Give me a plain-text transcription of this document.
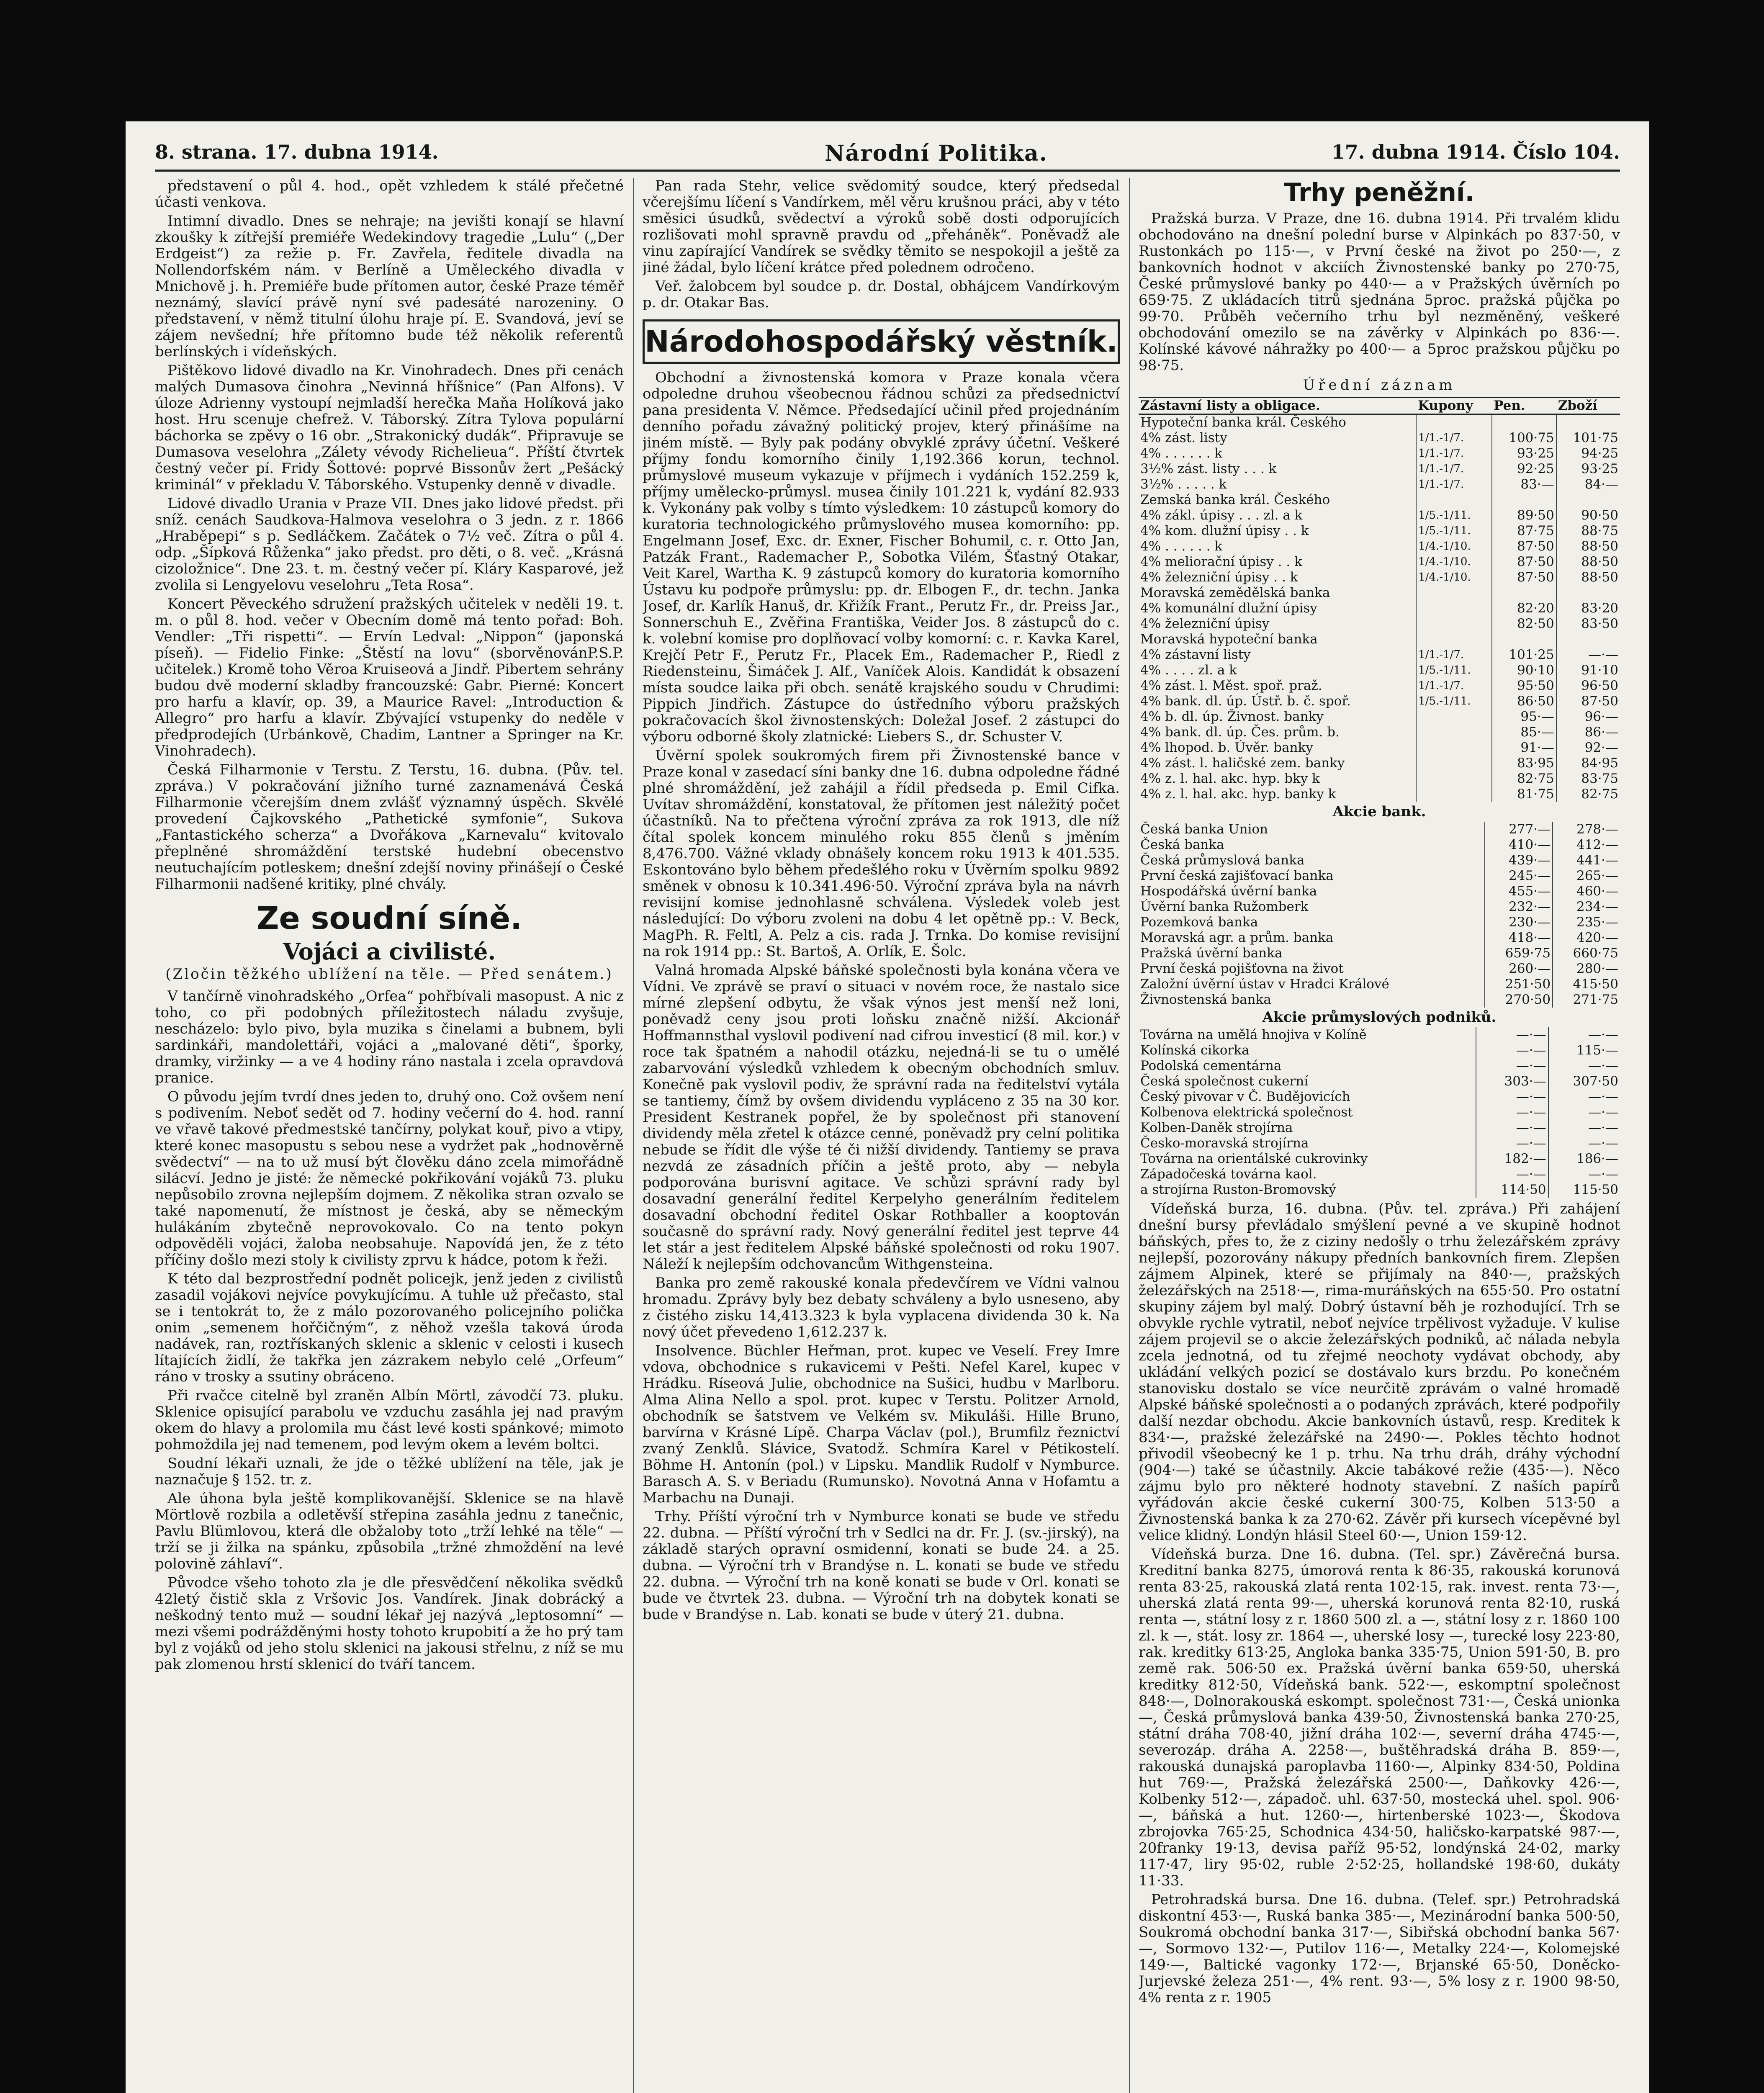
8. strana. 17. dubna 1914.	Národní Politika.	17. dubna 1914. Číslo 104.

představení o půl 4. hod., opět vzhledem k stálé přečetné účasti venkova.

Intimní divadlo. Dnes se nehraje; na jevišti konají se hlavní zkoušky k zítřejší premiéře Wedekindovy tragedie „Lulu“ („Der Erdgeist“) za režie p. Fr. Zavřela, ředitele divadla na Nollendorfském nám. v Berlíně a Uměleckého divadla v Mnichově j. h. Premiéře bude přítomen autor, české Praze téměř neznámý, slavící právě nyní své padesáté narozeniny. O představení, v němž titulní úlohu hraje pí. E. Svandová, jeví se zájem nevšední; hře přítomno bude též několik referentů berlínských i vídeňských.

Pištěkovo lidové divadlo na Kr. Vinohradech. Dnes při cenách malých Dumasova činohra „Nevinná hříšnice“ (Pan Alfons). V úloze Adrienny vystoupí nejmladší herečka Maňa Holíková jako host. Hru scenuje chefrež. V. Táborský. Zítra Tylova populární báchorka se zpěvy o 16 obr. „Strakonický dudák“. Připravuje se Dumasova veselohra „Zálety vévody Richelieua“. Příští čtvrtek čestný večer pí. Fridy Šottové: poprvé Bissonův žert „Pešácký kriminál“ v překladu V. Táborského. Vstupenky denně v divadle.

Lidové divadlo Urania v Praze VII. Dnes jako lidové předst. při sníž. cenách Saudkova-Halmova veselohra o 3 jedn. z r. 1866 „Hraběpepi“ s p. Sedláčkem. Začátek o 7½ več. Zítra o půl 4. odp. „Šípková Růženka“ jako předst. pro děti, o 8. več. „Krásná cizoložnice“. Dne 23. t. m. čestný večer pí. Kláry Kasparové, jež zvolila si Lengyelovu veselohru „Teta Rosa“.

Koncert Pěveckého sdružení pražských učitelek v neděli 19. t. m. o půl 8. hod. večer v Obecním domě má tento pořad: Boh. Vendler: „Tři rispetti“. — Ervín Ledval: „Nippon“ (japonská píseň). — Fidelio Finke: „Štěstí na lovu“ (sborvěnovánP.S.P. učitelek.) Kromě toho Věroa Kruiseová a Jindř. Pibertem sehrány budou dvě moderní skladby francouzské: Gabr. Pierné: Koncert pro harfu a klavír, op. 39, a Maurice Ravel: „Introduction & Allegro“ pro harfu a klavír. Zbývající vstupenky do neděle v předprodejích (Urbánkově, Chadim, Lantner a Springer na Kr. Vinohradech).

Česká Filharmonie v Terstu. Z Terstu, 16. dubna. (Pův. tel. zpráva.) V pokračování jižního turné zaznamenává Česká Filharmonie včerejším dnem zvlášť významný úspěch. Skvělé provedení Čajkovského „Pathetické symfonie“, Sukova „Fantastického scherza“ a Dvořákova „Karnevalu“ kvitovalo přeplněné shromáždění terstské hudební obecenstvo neutuchajícím potleskem; dnešní zdejší noviny přinášejí o České Filharmonii nadšené kritiky, plné chvály.

Ze soudní síně.
Vojáci a civilisté.
(Zločin těžkého ublížení na těle. — Před senátem.)

V tančírně vinohradského „Orfea“ pohřbívali masopust. A nic z toho, co při podobných příležitostech náladu zvyšuje, nescházelo: bylo pivo, byla muzika s činelami a bubnem, byli sardinkáři, mandolettáři, vojáci a „malované děti“, šporky, dramky, viržinky — a ve 4 hodiny ráno nastala i zcela opravdová pranice.

O původu jejím tvrdí dnes jeden to, druhý ono. Což ovšem není s podivením. Neboť sedět od 7. hodiny večerní do 4. hod. ranní ve vřavě takové předmestské tančírny, polykat kouř, pivo a vtipy, které konec masopustu s sebou nese a vydržet pak „hodnověrně svědectví“ — na to už musí být člověku dáno zcela mimořádně silácví. Jedno je jisté: že německé pokřikování vojáků 73. pluku nepůsobilo zrovna nejlepším dojmem. Z několika stran ozvalo se také napomenutí, že místnost je česká, aby se německým hulákáním zbytečně neprovokovalo. Co na tento pokyn odpověděli vojáci, žaloba neobsahuje. Napovídá jen, že z této příčiny došlo mezi stoly k civilisty zprvu k hádce, potom k řeži.

K této dal bezprostřední podnět policejk, jenž jeden z civilistů zasadil vojákovi nejvíce povykujícímu. A tuhle už přečasto, stal se i tentokrát to, že z málo pozorovaného policejního polička onim „semenem hořčičným“, z něhož vzešla taková úroda nadávek, ran, roztřískaných sklenic a sklenic v celosti i kusech lítajících židlí, že takřka jen zázrakem nebylo celé „Orfeum“ ráno v trosky a ssutiny obráceno.

Při rvačce citelně byl zraněn Albín Mörtl, závodčí 73. pluku. Sklenice opisující parabolu ve vzduchu zasáhla jej nad pravým okem do hlavy a prolomila mu část levé kosti spánkové; mimoto pohmoždila jej nad temenem, pod levým okem a levém boltci.

Soudní lékaři uznali, že jde o těžké ublížení na těle, jak je naznačuje § 152. tr. z.

Ale úhona byla ještě komplikovanější. Sklenice se na hlavě Mörtlově rozbila a odletěvší střepina zasáhla jednu z tanečnic, Pavlu Blümlovou, která dle obžaloby toto „trží lehké na těle“ — trží se ji žilka na spánku, způsobila „tržné zhmoždění na levé polovině záhlaví“.

Původce všeho tohoto zla je dle přesvědčení několika svědků 42letý čistič skla z Vršovic Jos. Vandírek. Jinak dobrácký a neškodný tento muž — soudní lékař jej nazývá „leptosomní“ — mezi všemi podrážděnými hosty tohoto krupobití a že ho prý tam byl z vojáků od jeho stolu sklenici na jakousi střelnu, z níž se mu pak zlomenou hrstí sklenicí do tváří tancem.

Pan rada Stehr, velice svědomitý soudce, který předsedal včerejšímu líčení s Vandírkem, měl věru krušnou práci, aby v této směsici úsudků, svědectví a výroků sobě dosti odporujících rozlišovati mohl spravně pravdu od „přeháněk“. Poněvadž ale vinu zapírající Vandírek se svědky těmito se nespokojil a ještě za jiné žádal, bylo líčení krátce před polednem odročeno.

Veř. žalobcem byl soudce p. dr. Dostal, obhájcem Vandírkovým p. dr. Otakar Bas.

Národohospodářský věstník.

Obchodní a živnostenská komora v Praze konala včera odpoledne druhou všeobecnou řádnou schůzi za předsednictví pana presidenta V. Němce. Předsedající učinil před projednáním denního pořadu závažný politický projev, který přinášíme na jiném místě. — Byly pak podány obvyklé zprávy účetní. Veškeré příjmy fondu komorního činily 1,192.366 korun, technol. průmyslové museum vykazuje v příjmech i vydáních 152.259 k, příjmy umělecko-průmysl. musea činily 101.221 k, vydání 82.933 k. Vykonány pak volby s tímto výsledkem: 10 zástupců komory do kuratoria technologického průmyslového musea komorního: pp. Engelmann Josef, Exc. dr. Exner, Fischer Bohumil, c. r. Otto Jan, Patzák Frant., Rademacher P., Sobotka Vilém, Šťastný Otakar, Veit Karel, Wartha K. 9 zástupců komory do kuratoria komorního Ústavu ku podpoře průmyslu: pp. dr. Elbogen F., dr. techn. Janka Josef, dr. Karlík Hanuš, dr. Křižík Frant., Perutz Fr., dr. Preiss Jar., Sonnerschuh E., Zvěřina Františka, Veider Jos. 8 zástupců do c. k. volební komise pro doplňovací volby komorní: c. r. Kavka Karel, Krejčí Petr F., Perutz Fr., Placek Em., Rademacher P., Riedl z Riedensteinu, Šimáček J. Alf., Vaníček Alois. Kandidát k obsazení místa soudce laika při obch. senátě krajského soudu v Chrudimi: Pippich Jindřich. Zástupce do ústředního výboru pražských pokračovacích škol živnostenských: Doležal Josef. 2 zástupci do výboru odborné školy zlatnické: Liebers S., dr. Schuster V.

Úvěrní spolek soukromých firem při Živnostenské bance v Praze konal v zasedací síni banky dne 16. dubna odpoledne řádné plné shromáždění, jež zahájil a řídil předseda p. Emil Cifka. Uvítav shromáždění, konstatoval, že přítomen jest náležitý počet účastníků. Na to přečtena výroční zpráva za rok 1913, dle níž čítal spolek koncem minulého roku 855 členů s jměním 8,476.700. Vážné vklady obnášely koncem roku 1913 k 401.535. Eskontováno bylo během předešlého roku v Úvěrním spolku 9892 směnek v obnosu k 10.341.496·50. Výroční zpráva byla na návrh revisijní komise jednohlasně schválena. Výsledek voleb jest následující: Do výboru zvoleni na dobu 4 let opětně pp.: V. Beck, MagPh. R. Feltl, A. Pelz a cis. rada J. Trnka. Do komise revisijní na rok 1914 pp.: St. Bartoš, A. Orlík, E. Šolc.

Valná hromada Alpské báňské společnosti byla konána včera ve Vídni. Ve zprávě se praví o situaci v novém roce, že nastalo sice mírné zlepšení odbytu, že však výnos jest menší než loni, poněvadž ceny jsou proti loňsku značně nižší. Akcionář Hoffmannsthal vyslovil podivení nad cifrou investicí (8 mil. kor.) v roce tak špatném a nahodil otázku, nejedná-li se tu o umělé zabarvování výsledků vzhledem k obecným obchodních smluv. Konečně pak vyslovil podiv, že správní rada na ředitelství vytála se tantiemy, čímž by ovšem dividendu vypláceno z 35 na 30 kor. President Kestranek popřel, že by společnost při stanovení dividendy měla zřetel k otázce cenné, poněvadž pry celní politika nebude se řídit dle výše té či nižší dividendy. Tantiemy se prava nezvdá ze zásadních příčin a ještě proto, aby — nebyla podporována burisvní agitace. Ve schůzi správní rady byl dosavadní generální ředitel Kerpelyho generálním ředitelem dosavadní obchodní ředitel Oskar Rothballer a kooptován současně do správní rady. Nový generální ředitel jest teprve 44 let stár a jest ředitelem Alpské báňské společnosti od roku 1907. Náleží k nejlepším odchovancům Withgensteina.

Banka pro země rakouské konala předevčírem ve Vídni valnou hromadu. Zprávy byly bez debaty schváleny a bylo usneseno, aby z čistého zisku 14,413.323 k byla vyplacena dividenda 30 k. Na nový účet převedeno 1,612.237 k.

Insolvence. Büchler Heřman, prot. kupec ve Veselí. Frey Imre vdova, obchodnice s rukavicemi v Pešti. Nefel Karel, kupec v Hrádku. Ríseová Julie, obchodnice na Sušici, hudbu v Marlboru. Alma Alina Nello a spol. prot. kupec v Terstu. Politzer Arnold, obchodník se šatstvem ve Velkém sv. Mikuláši. Hille Bruno, barvírna v Krásné Lípě. Charpa Václav (pol.), Brumfilz řeznictví zvaný Zenklů. Slávice, Svatodž. Schmíra Karel v Pétikostelí. Böhme H. Antonín (pol.) v Lipsku. Mandlik Rudolf v Nymburce. Barasch A. S. v Beriadu (Rumunsko). Novotná Anna v Hofamtu a Marbachu na Dunaji.

Trhy. Příští výroční trh v Nymburce konati se bude ve středu 22. dubna. — Příští výroční trh v Sedlci na dr. Fr. J. (sv.-jirský), na základě starých opravní osmidenní, konati se bude 24. a 25. dubna. — Výroční trh v Brandýse n. L. konati se bude ve středu 22. dubna. — Výroční trh na koně konati se bude v Orl. konati se bude ve čtvrtek 23. dubna. — Výroční trh na dobytek konati se bude v Brandýse n. Lab. konati se bude v úterý 21. dubna.

Trhy peněžní.

Pražská burza. V Praze, dne 16. dubna 1914. Při trvalém klidu obchodováno na dnešní polední burse v Alpinkách po 837·50, v Rustonkách po 115·—, v První české na život po 250·—, z bankovních hodnot v akciích Živnostenské banky po 270·75, České průmyslové banky po 440·— a v Pražských úvěrních po 659·75. Z ukládacích titrů sjednána 5proc. pražská půjčka po 99·70. Průběh večerního trhu byl nezměněný, veškeré obchodování omezilo se na závěrky v Alpinkách po 836·—. Kolínské kávové náhražky po 400·— a 5proc pražskou půjčku po 98·75.

Úřední záznam
Zástavní listy a obligace.	Kupony	Pen.	Zboží
Hypoteční banka král. Českého			
4% zást. listy	1/1.-1/7.	100·75	101·75
4% . . . . . . k	1/1.-1/7.	93·25	94·25
3½% zást. listy . . . k	1/1.-1/7.	92·25	93·25
3½% . . . . . k	1/1.-1/7.	83·—	84·—
Zemská banka král. Českého			
4% zákl. úpisy . . . zl. a k	1/5.-1/11.	89·50	90·50
4% kom. dlužní úpisy . . k	1/5.-1/11.	87·75	88·75
4% . . . . . . k	1/4.-1/10.	87·50	88·50
4% meliorační úpisy . . k	1/4.-1/10.	87·50	88·50
4% železniční úpisy . . k	1/4.-1/10.	87·50	88·50
Moravská zemědělská banka			
4% komunální dlužní úpisy		82·20	83·20
4% železniční úpisy		82·50	83·50
Moravská hypoteční banka			
4% zástavní listy	1/1.-1/7.	101·25	—·—
4% . . . . zl. a k	1/5.-1/11.	90·10	91·10
4% zást. l. Měst. spoř. praž.	1/1.-1/7.	95·50	96·50
4% bank. dl. úp. Ústř. b. č. spoř.	1/5.-1/11.	86·50	87·50
4% b. dl. úp. Živnost. banky		95·—	96·—
4% bank. dl. úp. Čes. prům. b.		85·—	86·—
4% lhopod. b. Úvěr. banky		91·—	92·—
4% zást. l. haličské zem. banky		83·95	84·95
4% z. l. hal. akc. hyp. bky k		82·75	83·75
4% z. l. hal. akc. hyp. banky k		81·75	82·75
Akcie bank.
Česká banka Union	277·—	278·—
Česká banka	410·—	412·—
Česká průmyslová banka	439·—	441·—
První česká zajišťovací banka	245·—	265·—
Hospodářská úvěrní banka	455·—	460·—
Úvěrní banka Ružomberk	232·—	234·—
Pozemková banka	230·—	235·—
Moravská agr. a prům. banka	418·—	420·—
Pražská úvěrní banka	659·75	660·75
První česká pojišťovna na život	260·—	280·—
Založní úvěrní ústav v Hradci Králové	251·50	415·50
Živnostenská banka	270·50	271·75
Akcie průmyslových podniků.
Továrna na umělá hnojiva v Kolíně	—·—	—·—
Kolínská cikorka	—·—	115·—
Podolská cementárna	—·—	—·—
Česká společnost cukerní	303·—	307·50
Český pivovar v Č. Budějovicích	—·—	—·—
Kolbenova elektrická společnost	—·—	—·—
Kolben-Daněk strojírna	—·—	—·—
Česko-moravská strojírna	—·—	—·—
Továrna na orientálské cukrovinky	182·—	186·—
Západočeská továrna kaol.	—·—	—·—
a strojírna Ruston-Bromovský	114·50	115·50

Vídeňská burza, 16. dubna. (Pův. tel. zpráva.) Při zahájení dnešní bursy převládalo smýšlení pevné a ve skupině hodnot báňských, přes to, že z ciziny nedošly o trhu železářském zprávy nejlepší, pozorovány nákupy předních bankovních firem. Zlepšen zájmem Alpinek, které se přijímaly na 840·—, pražských železářských na 2518·—, rima-muráňských na 655·50. Pro ostatní skupiny zájem byl malý. Dobrý ústavní běh je rozhodující. Trh se obvykle rychle vytratil, neboť nejvíce trpělivost vyžaduje. V kulise zájem projevil se o akcie železářských podniků, ač nálada nebyla zcela jednotná, od tu zřejmé neochoty vydávat obchody, aby ukládání velkých pozicí se dostávalo kurs brzdu. Po konečném stanovisku dostalo se více neurčitě zprávám o valné hromadě Alpské báňské společnosti a o podaných zprávách, které podpořily další nezdar obchodu. Akcie bankovních ústavů, resp. Kreditek k 834·—, pražské železářské na 2490·—. Pokles těchto hodnot přivodil všeobecný ke 1 p. trhu. Na trhu dráh, dráhy východní (904·—) také se účastnily. Akcie tabákové režie (435·—). Něco zájmu bylo pro některé hodnoty stavební. Z naších papírů vyřádován akcie české cukerní 300·75, Kolben 513·50 a Živnostenská banka k za 270·62. Závěr při kursech vícepěvné byl velice klidný. Londýn hlásil Steel 60·—, Union 159·12.

Vídeňská burza. Dne 16. dubna. (Tel. spr.) Závěrečná bursa. Kreditní banka 8275, úmorová renta k 86·35, rakouská korunová renta 83·25, rakouská zlatá renta 102·15, rak. invest. renta 73·—, uherská zlatá renta 99·—, uherská korunová renta 82·10, ruská renta —, státní losy z r. 1860 500 zl. a —, státní losy z r. 1860 100 zl. k —, stát. losy zr. 1864 —, uherské losy —, turecké losy 223·80, rak. kreditky 613·25, Angloka banka 335·75, Union 591·50, B. pro země rak. 506·50 ex. Pražská úvěrní banka 659·50, uherská kreditky 812·50, Vídeňská bank. 522·—, eskomptní společnost 848·—, Dolnorakouská eskompt. společnost 731·—, Česká unionka —, Česká průmyslová banka 439·50, Živnostenská banka 270·25, státní dráha 708·40, jižní dráha 102·—, severní dráha 4745·—, severozáp. dráha A. 2258·—, buštěhradská dráha B. 859·—, rakouská dunajská paroplavba 1160·—, Alpinky 834·50, Poldina hut 769·—, Pražská železářská 2500·—, Daňkovky 426·—, Kolbenky 512·—, západoč. uhl. 637·50, mostecká uhel. spol. 906·—, báňská a hut. 1260·—, hirtenberské 1023·—, Škodova zbrojovka 765·25, Schodnica 434·50, haličsko-karpatské 987·—, 20franky 19·13, devisa paříž 95·52, londýnská 24·02, marky 117·47, liry 95·02, ruble 2·52·25, hollandské 198·60, dukáty 11·33.

Petrohradská bursa. Dne 16. dubna. (Telef. spr.) Petrohradská diskontní 453·—, Ruská banka 385·—, Mezinárodní banka 500·50, Soukromá obchodní banka 317·—, Sibiřská obchodní banka 567·—, Sormovo 132·—, Putilov 116·—, Metalky 224·—, Kolomejské 149·—, Baltické vagonky 172·—, Brjanské 65·50, Doněcko-Jurjevské železa 251·—, 4% rent. 93·—, 5% losy z r. 1900 98·50, 4% renta z r. 1905
